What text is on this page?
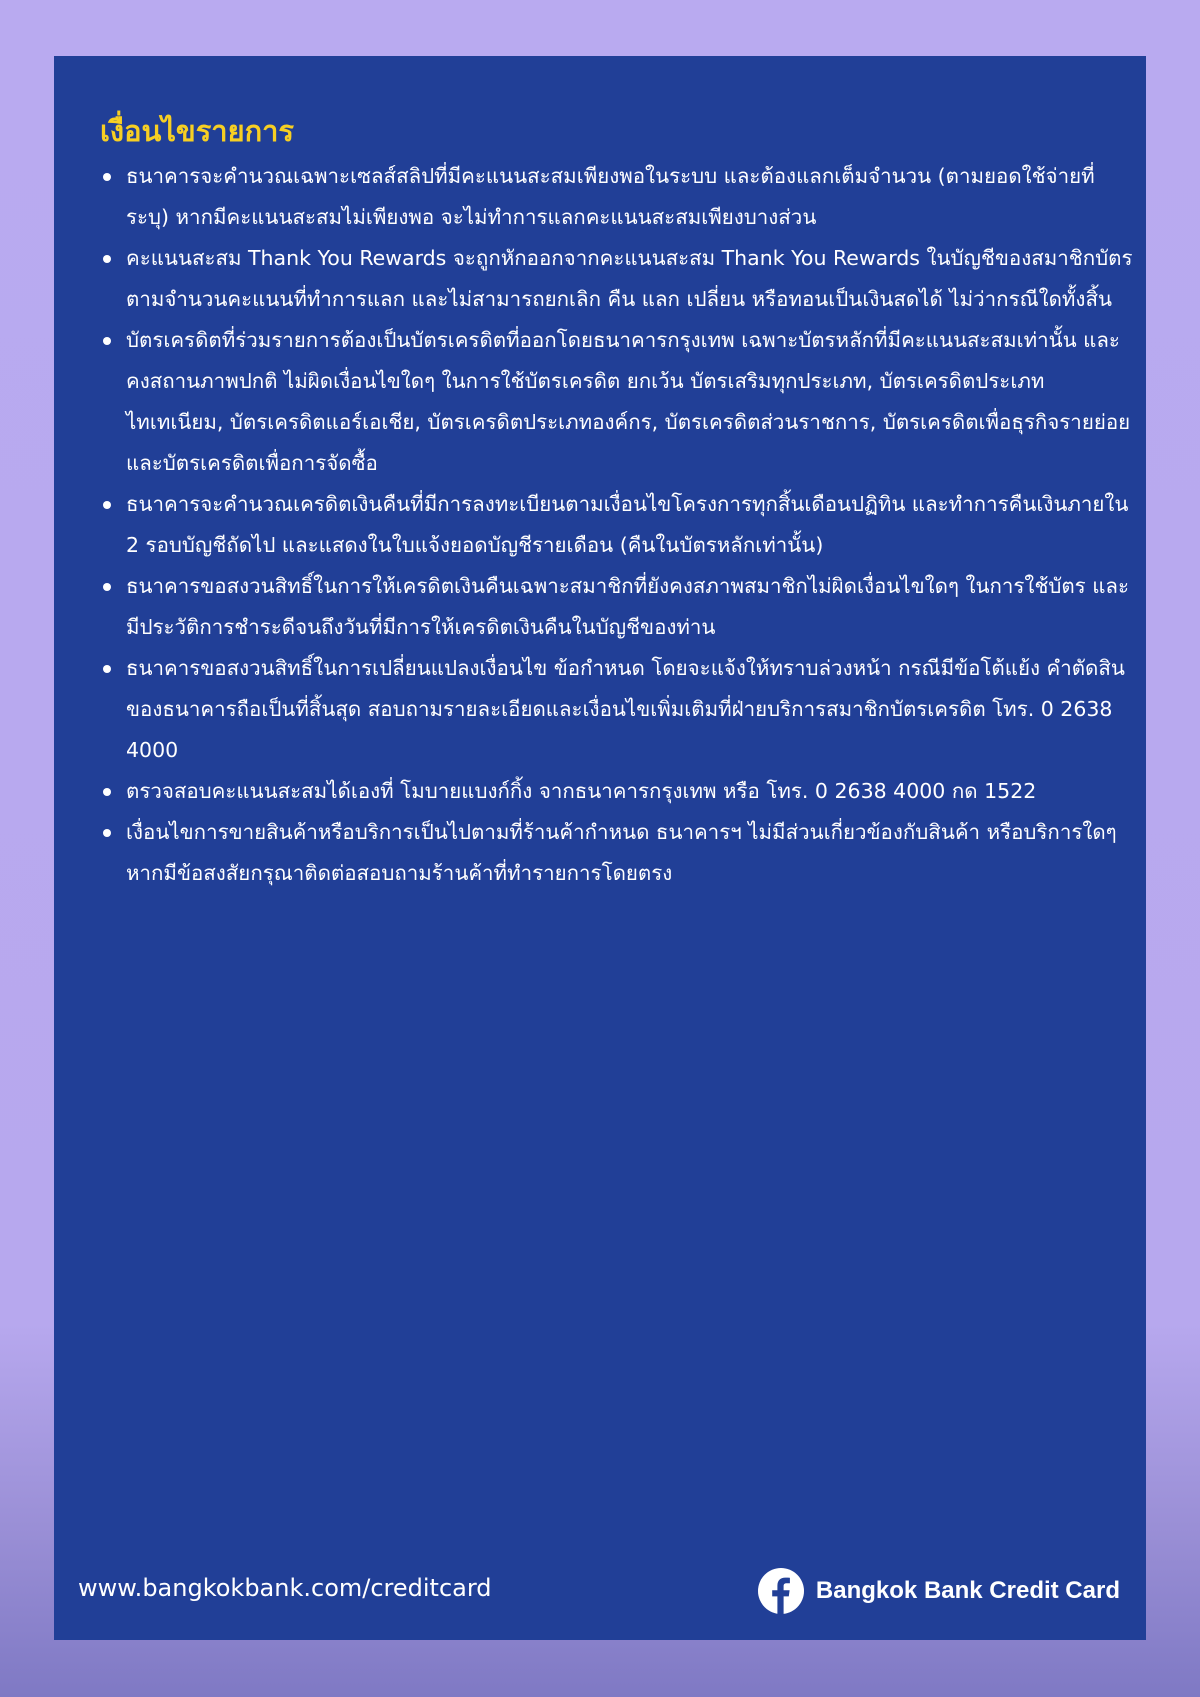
เงื่อนไขรายการ
ธนาคารจะคำนวณเฉพาะเซลส์สลิปที่มีคะแนนสะสมเพียงพอในระบบ และต้องแลกเต็มจำนวน (ตามยอดใช้จ่ายที่ระบุ) หากมีคะแนนสะสมไม่เพียงพอ จะไม่ทำการแลกคะแนนสะสมเพียงบางส่วน
คะแนนสะสม Thank You Rewards จะถูกหักออกจากคะแนนสะสม Thank You Rewards ในบัญชีของสมาชิกบัตรตามจำนวนคะแนนที่ทำการแลก และไม่สามารถยกเลิก คืน แลก เปลี่ยน หรือทอนเป็นเงินสดได้ ไม่ว่ากรณีใดทั้งสิ้น
บัตรเครดิตที่ร่วมรายการต้องเป็นบัตรเครดิตที่ออกโดยธนาคารกรุงเทพ เฉพาะบัตรหลักที่มีคะแนนสะสมเท่านั้น และคงสถานภาพปกติ ไม่ผิดเงื่อนไขใดๆ ในการใช้บัตรเครดิต ยกเว้น บัตรเสริมทุกประเภท, บัตรเครดิตประเภทไทเทเนียม, บัตรเครดิตแอร์เอเชีย, บัตรเครดิตประเภทองค์กร, บัตรเครดิตส่วนราชการ, บัตรเครดิตเพื่อธุรกิจรายย่อย และบัตรเครดิตเพื่อการจัดซื้อ
ธนาคารจะคำนวณเครดิตเงินคืนที่มีการลงทะเบียนตามเงื่อนไขโครงการทุกสิ้นเดือนปฏิทิน และทำการคืนเงินภายใน 2 รอบบัญชีถัดไป และแสดงในใบแจ้งยอดบัญชีรายเดือน (คืนในบัตรหลักเท่านั้น)
ธนาคารขอสงวนสิทธิ์ในการให้เครดิตเงินคืนเฉพาะสมาชิกที่ยังคงสภาพสมาชิกไม่ผิดเงื่อนไขใดๆ ในการใช้บัตร และมีประวัติการชำระดีจนถึงวันที่มีการให้เครดิตเงินคืนในบัญชีของท่าน
ธนาคารขอสงวนสิทธิ์ในการเปลี่ยนแปลงเงื่อนไข ข้อกำหนด โดยจะแจ้งให้ทราบล่วงหน้า กรณีมีข้อโต้แย้ง คำตัดสินของธนาคารถือเป็นที่สิ้นสุด สอบถามรายละเอียดและเงื่อนไขเพิ่มเติมที่ฝ่ายบริการสมาชิกบัตรเครดิต โทร. 0 2638 4000
ตรวจสอบคะแนนสะสมได้เองที่ โมบายแบงก์กิ้ง จากธนาคารกรุงเทพ หรือ โทร. 0 2638 4000 กด 1522
เงื่อนไขการขายสินค้าหรือบริการเป็นไปตามที่ร้านค้ากำหนด ธนาคารฯ ไม่มีส่วนเกี่ยวข้องกับสินค้า หรือบริการใดๆ หากมีข้อสงสัยกรุณาติดต่อสอบถามร้านค้าที่ทำรายการโดยตรง
www.bangkokbank.com/creditcard	Bangkok Bank Credit Card
